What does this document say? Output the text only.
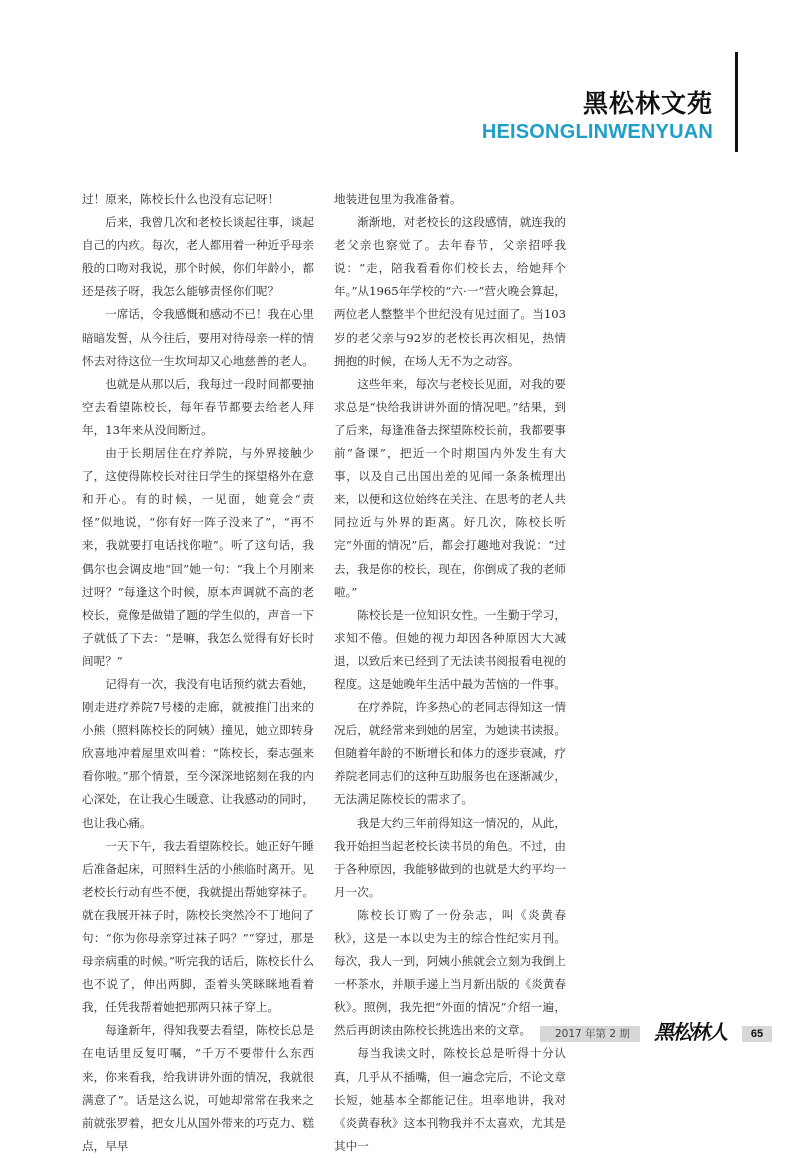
黑松林文苑
HEISONGLINWENYUAN

过！原来，陈校长什么也没有忘记呀！

后来，我曾几次和老校长谈起往事，谈起自己的内疚。每次，老人都用着一种近乎母亲般的口吻对我说，那个时候，你们年龄小，都还是孩子呀，我怎么能够责怪你们呢？

一席话，令我感慨和感动不已！我在心里暗暗发誓，从今往后，要用对待母亲一样的情怀去对待这位一生坎坷却又心地慈善的老人。

也就是从那以后，我每过一段时间都要抽空去看望陈校长，每年春节都要去给老人拜年，13年来从没间断过。

由于长期居住在疗养院，与外界接触少了，这使得陈校长对往日学生的探望格外在意和开心。有的时候，一见面，她竟会“责怪”似地说，“你有好一阵子没来了”，“再不来，我就要打电话找你啦”。听了这句话，我偶尔也会调皮地“回”她一句：“我上个月刚来过呀？”每逢这个时候，原本声调就不高的老校长，竟像是做错了题的学生似的，声音一下子就低了下去：“是嘛，我怎么觉得有好长时间呢？”

记得有一次，我没有电话预约就去看她，刚走进疗养院7号楼的走廊，就被推门出来的小熊（照料陈校长的阿姨）撞见，她立即转身欣喜地冲着屋里欢叫着：“陈校长，秦志强来看你啦。”那个情景，至今深深地铭刻在我的内心深处，在让我心生暖意、让我感动的同时，也让我心痛。

一天下午，我去看望陈校长。她正好午睡后准备起床，可照料生活的小熊临时离开。见老校长行动有些不便，我就提出帮她穿袜子。就在我展开袜子时，陈校长突然冷不丁地问了句：“你为你母亲穿过袜子吗？”“穿过，那是母亲病重的时候。”听完我的话后，陈校长什么也不说了，伸出两脚，歪着头笑眯眯地看着我，任凭我帮着她把那两只袜子穿上。

每逢新年，得知我要去看望，陈校长总是在电话里反复叮嘱，“千万不要带什么东西来，你来看我，给我讲讲外面的情况，我就很满意了”。话是这么说，可她却常常在我来之前就张罗着，把女儿从国外带来的巧克力、糕点，早早

地装进包里为我准备着。

渐渐地，对老校长的这段感情，就连我的老父亲也察觉了。去年春节，父亲招呼我说：“走，陪我看看你们校长去，给她拜个年。”从1965年学校的“六·一”营火晚会算起，两位老人整整半个世纪没有见过面了。当103岁的老父亲与92岁的老校长再次相见，热情拥抱的时候，在场人无不为之动容。

这些年来，每次与老校长见面，对我的要求总是“快给我讲讲外面的情况吧。”结果，到了后来，每逢准备去探望陈校长前，我都要事前“备课”，把近一个时期国内外发生有大事，以及自己出国出差的见闻一条条梳理出来，以便和这位始终在关注、在思考的老人共同拉近与外界的距离。好几次，陈校长听完“外面的情况”后，都会打趣地对我说：“过去，我是你的校长，现在，你倒成了我的老师啦。”

陈校长是一位知识女性。一生勤于学习，求知不倦。但她的视力却因各种原因大大减退，以致后来已经到了无法读书阅报看电视的程度。这是她晚年生活中最为苦恼的一件事。

在疗养院，许多热心的老同志得知这一情况后，就经常来到她的居室，为她读书读报。但随着年龄的不断增长和体力的逐步衰减，疗养院老同志们的这种互助服务也在逐渐减少，无法满足陈校长的需求了。

我是大约三年前得知这一情况的，从此，我开始担当起老校长读书员的角色。不过，由于各种原因，我能够做到的也就是大约平均一月一次。

陈校长订购了一份杂志，叫《炎黄春秋》，这是一本以史为主的综合性纪实月刊。每次，我人一到，阿姨小熊就会立刻为我倒上一杯茶水，并顺手递上当月新出版的《炎黄春秋》。照例，我先把“外面的情况”介绍一遍，然后再朗读由陈校长挑选出来的文章。

每当我读文时，陈校长总是听得十分认真，几乎从不插嘴，但一遍念完后，不论文章长短，她基本全都能记住。坦率地讲，我对《炎黄春秋》这本刊物我并不太喜欢，尤其是其中一

2017 年第 2 期 黑松林人	65
